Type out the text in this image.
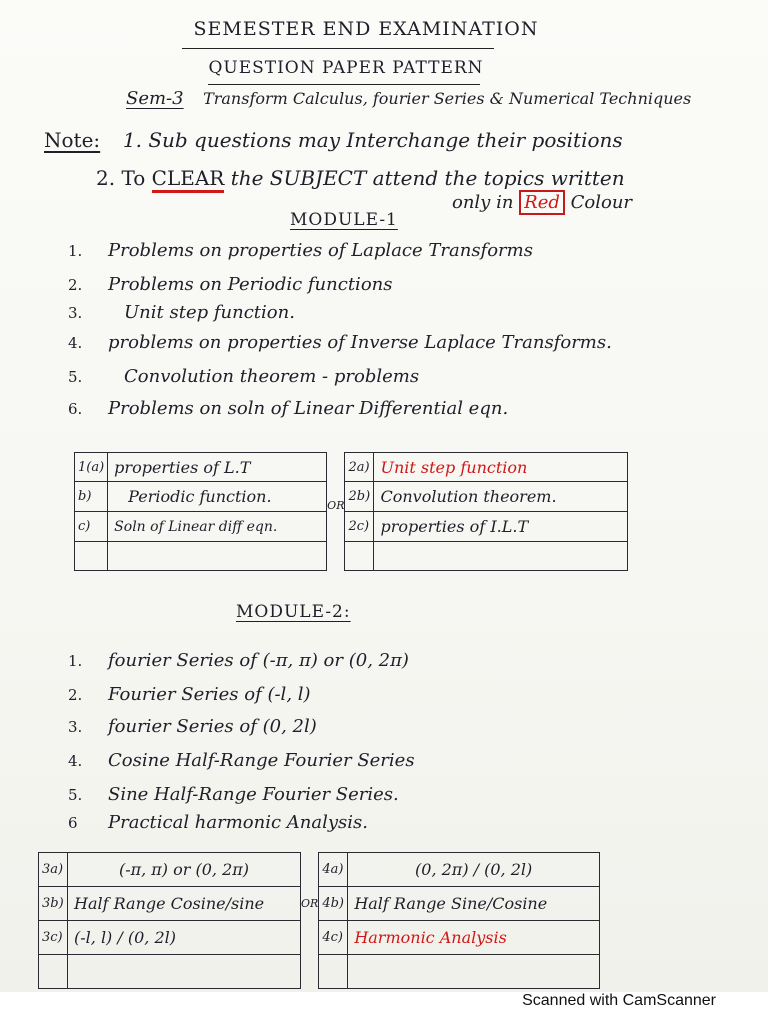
SEMESTER END EXAMINATION
QUESTION PAPER PATTERN
Sem-3 Transform Calculus, fourier Series & Numerical Techniques
Note: 1. Sub questions may Interchange their positions
2. To CLEAR the SUBJECT attend the topics written
only in Red Colour
MODULE-1
1. Problems on properties of Laplace Transforms
2. Problems on Periodic functions
3. Unit step function.
4. problems on properties of Inverse Laplace Transforms.
5. Convolution theorem - problems
6. Problems on soln of Linear Differential eqn.
1(a)	properties of L.T		2a)	Unit step function
b)	Periodic function.	OR	2b)	Convolution theorem.
c)	Soln of Linear diff eqn.		2c)	properties of I.L.T

MODULE-2:
1. fourier Series of (-π, π) or (0, 2π)
2. Fourier Series of (-l, l)
3. fourier Series of (0, 2l)
4. Cosine Half-Range Fourier Series
5. Sine Half-Range Fourier Series.
6 Practical harmonic Analysis.
3a)	(-π, π) or (0, 2π)		4a)	(0, 2π) / (0, 2l)
3b)	Half Range Cosine/sine	OR	4b)	Half Range Sine/Cosine
3c)	(-l, l) / (0, 2l)		4c)	Harmonic Analysis

Scanned with CamScanner
